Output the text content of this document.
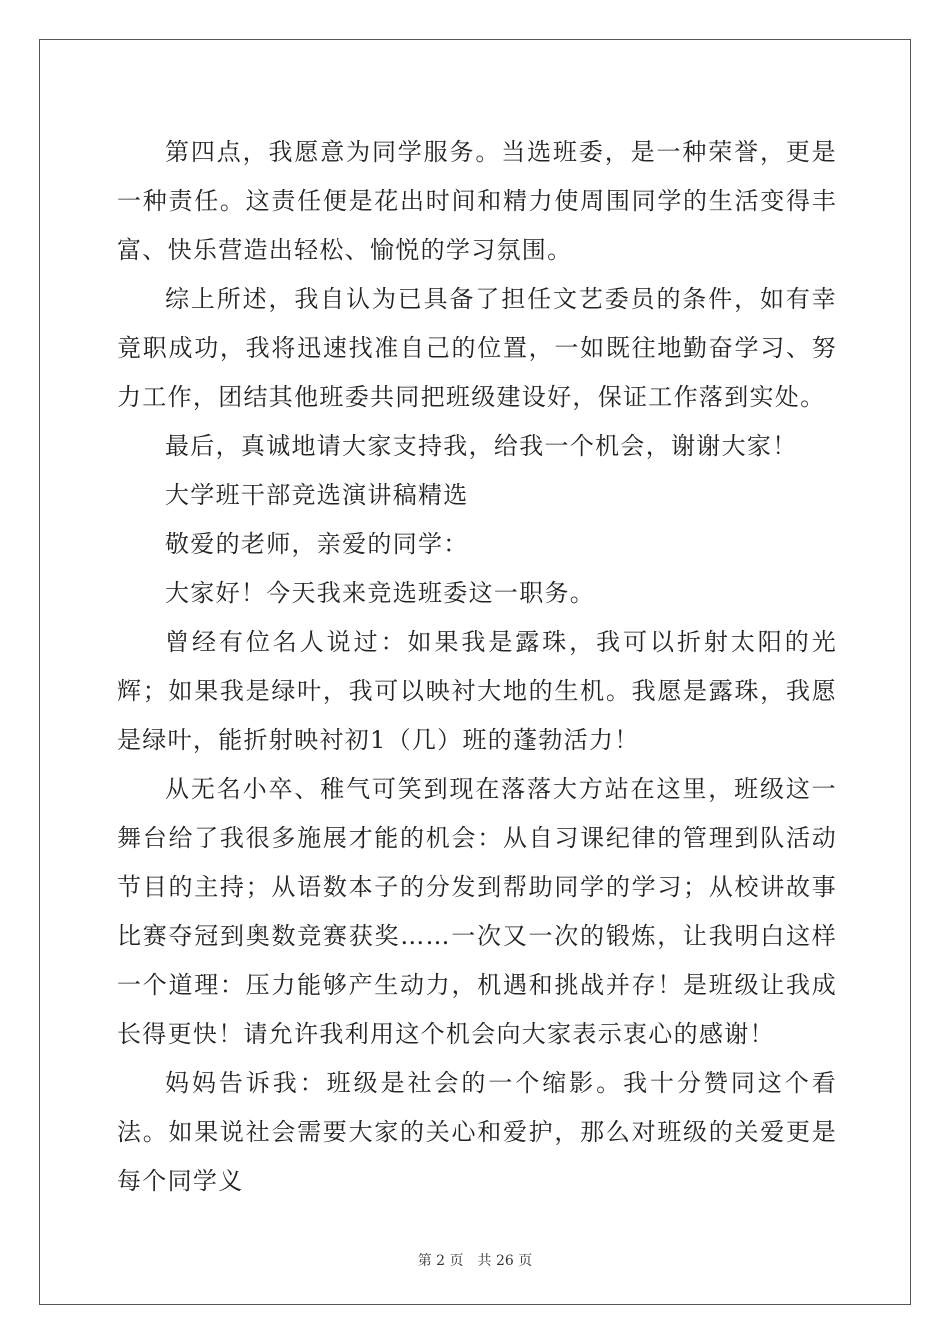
第四点，我愿意为同学服务。当选班委，是一种荣誉，更是一种责任。这责任便是花出时间和精力使周围同学的生活变得丰富、快乐营造出轻松、愉悦的学习氛围。

综上所述，我自认为已具备了担任文艺委员的条件，如有幸竟职成功，我将迅速找准自己的位置，一如既往地勤奋学习、努力工作，团结其他班委共同把班级建设好，保证工作落到实处。

最后，真诚地请大家支持我，给我一个机会，谢谢大家！

大学班干部竞选演讲稿精选

敬爱的老师，亲爱的同学：

大家好！今天我来竞选班委这一职务。

曾经有位名人说过：如果我是露珠，我可以折射太阳的光辉；如果我是绿叶，我可以映衬大地的生机。我愿是露珠，我愿是绿叶，能折射映衬初1（几）班的蓬勃活力！

从无名小卒、稚气可笑到现在落落大方站在这里，班级这一舞台给了我很多施展才能的机会：从自习课纪律的管理到队活动节目的主持；从语数本子的分发到帮助同学的学习；从校讲故事比赛夺冠到奥数竞赛获奖……一次又一次的锻炼，让我明白这样一个道理：压力能够产生动力，机遇和挑战并存！是班级让我成长得更快！请允许我利用这个机会向大家表示衷心的感谢！

妈妈告诉我：班级是社会的一个缩影。我十分赞同这个看法。如果说社会需要大家的关心和爱护，那么对班级的关爱更是每个同学义

第 2 页　共 26 页
